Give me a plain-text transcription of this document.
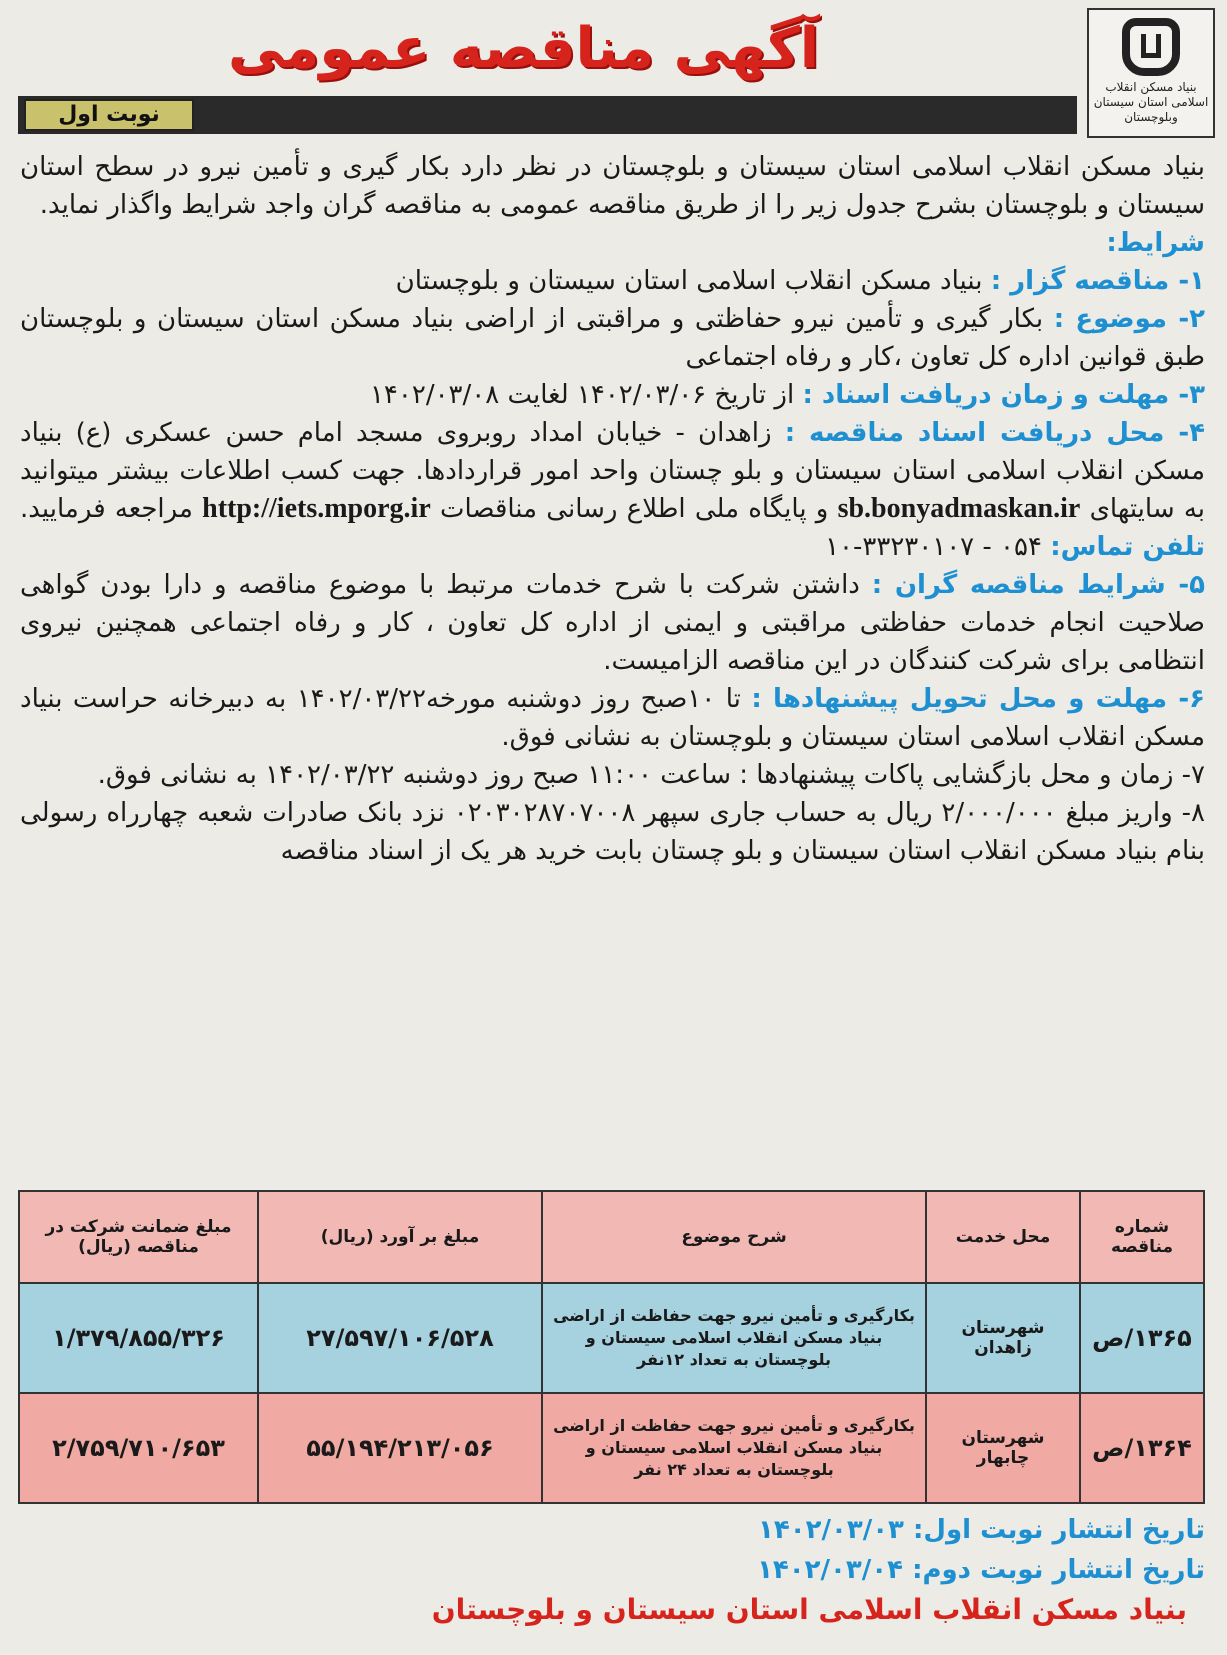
بنیاد مسکن انقلاب
اسلامی استان سیستان
وبلوچستان
آگهی مناقصه عمومی
نوبت اول

بنیاد مسکن انقلاب اسلامی استان سیستان و بلوچستان در نظر دارد بکار گیری و تأمین نیرو در سطح استان سیستان و بلوچستان بشرح جدول زیر را از طریق مناقصه عمومی به مناقصه گران واجد شرایط واگذار نماید.

شرایط:

۱- مناقصه گزار : بنیاد مسکن انقلاب اسلامی استان سیستان و بلوچستان

۲- موضوع : بکار گیری و تأمین نیرو حفاظتی و مراقبتی از اراضی بنیاد مسکن استان سیستان و بلوچستان طبق قوانین اداره کل تعاون ،کار و رفاه اجتماعی

۳- مهلت و زمان دریافت اسناد : از تاریخ ۱۴۰۲/۰۳/۰۶ لغایت ۱۴۰۲/۰۳/۰۸

۴- محل دریافت اسناد مناقصه : زاهدان - خیابان امداد روبروی مسجد امام حسن عسکری (ع) بنیاد مسکن انقلاب اسلامی استان سیستان و بلو چستان واحد امور قراردادها. جهت کسب اطلاعات بیشتر میتوانید به سایتهای sb.bonyadmaskan.ir و پایگاه ملی اطلاع رسانی مناقصات http://iets.mporg.ir مراجعه فرمایید. تلفن تماس: ۰۵۴ - ۳۳۲۳۰۱۰۷-۱۰

۵- شرایط مناقصه گران : داشتن شرکت با شرح خدمات مرتبط با موضوع مناقصه و دارا بودن گواهی صلاحیت انجام خدمات حفاظتی مراقبتی و ایمنی از اداره کل تعاون ، کار و رفاه اجتماعی همچنین نیروی انتظامی برای شرکت کنندگان در این مناقصه الزامیست.

۶- مهلت و محل تحویل پیشنهادها : تا ۱۰صبح روز دوشنبه مورخه۱۴۰۲/۰۳/۲۲ به دبیرخانه حراست بنیاد مسکن انقلاب اسلامی استان سیستان و بلوچستان به نشانی فوق.

۷- زمان و محل بازگشایی پاکات پیشنهادها : ساعت ۱۱:۰۰ صبح روز دوشنبه ۱۴۰۲/۰۳/۲۲ به نشانی فوق.

۸- واریز مبلغ ۲/۰۰۰/۰۰۰ ریال به حساب جاری سپهر ۰۲۰۳۰۲۸۷۰۷۰۰۸ نزد بانک صادرات شعبه چهارراه رسولی بنام بنیاد مسکن انقلاب استان سیستان و بلو چستان بابت خرید هر یک از اسناد مناقصه

شماره مناقصه	محل خدمت	شرح موضوع	مبلغ بر آورد (ریال)	مبلغ ضمانت شرکت در مناقصه (ریال)
۱۳۶۵/ص	شهرستان زاهدان	بکارگیری و تأمین نیرو جهت حفاظت از اراضی بنیاد مسکن انقلاب اسلامی سیستان و بلوچستان به تعداد ۱۲نفر	۲۷/۵۹۷/۱۰۶/۵۲۸	۱/۳۷۹/۸۵۵/۳۲۶
۱۳۶۴/ص	شهرستان چابهار	بکارگیری و تأمین نیرو جهت حفاظت از اراضی بنیاد مسکن انقلاب اسلامی سیستان و بلوچستان به تعداد ۲۴ نفر	۵۵/۱۹۴/۲۱۳/۰۵۶	۲/۷۵۹/۷۱۰/۶۵۳
تاریخ انتشار نوبت اول: ۱۴۰۲/۰۳/۰۳
تاریخ انتشار نوبت دوم: ۱۴۰۲/۰۳/۰۴
بنیاد مسکن انقلاب اسلامی استان سیستان و بلوچستان
